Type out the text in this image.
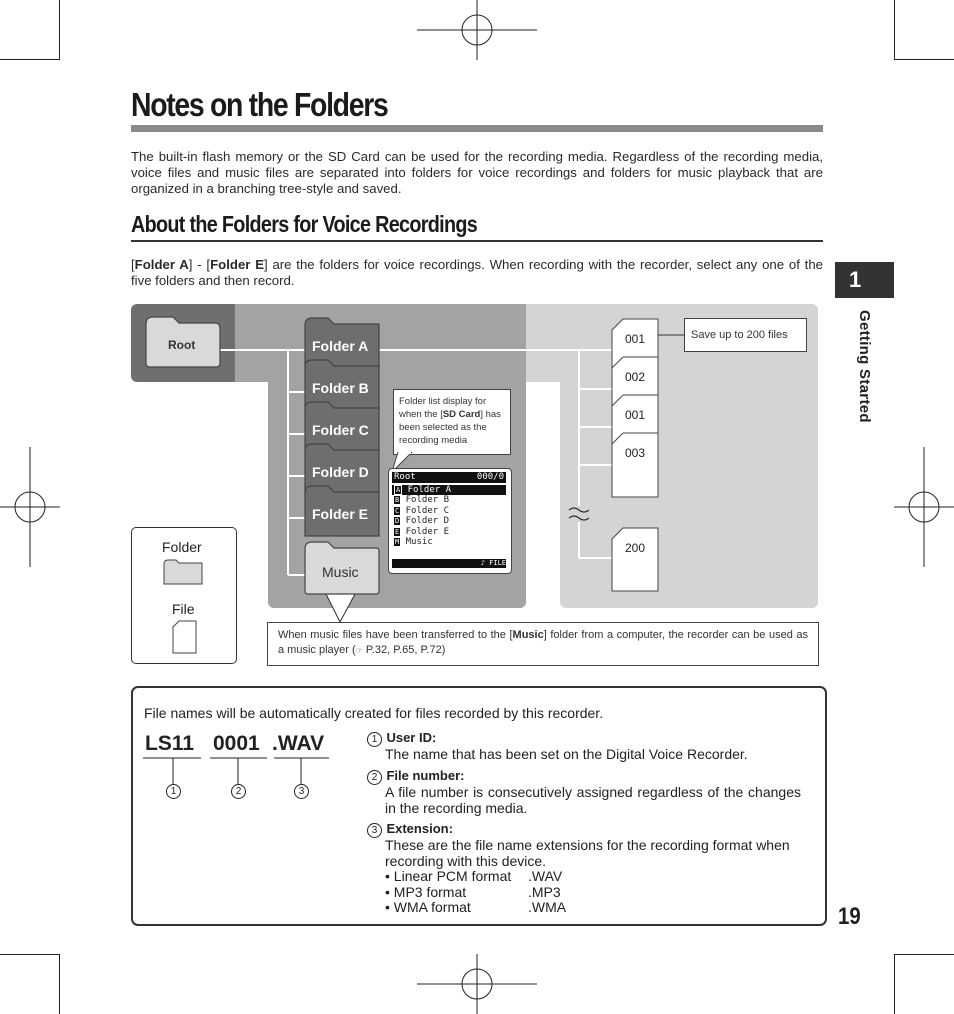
Notes on the Folders
The built-in flash memory or the SD Card can be used for the recording media. Regardless of the recording media, voice files and music files are separated into folders for voice recordings and folders for music playback that are organized in a branching tree-style and saved.
About the Folders for Voice Recordings
[Folder A] - [Folder E] are the folders for voice recordings. When recording with the recorder, select any one of the five folders and then record.	1
Getting Started
19
Root	Folder A
Folder B
Folder C
Folder D
Folder E
Music
001
002
001
003
200
Save up to 200 files
Folder list display for when the [SD Card] has been selected as the recording media
Root	000/0
A Folder A
B Folder B
C Folder C
D Folder D
E Folder E
M Music
♪ FILE
When music files have been transferred to the [Music] folder from a computer, the recorder can be used as a music player (☞ P.32, P.65, P.72)
Folder
File
File names will be automatically created for files recorded by this recorder.
LS11 0001 .WAV
1	2	3
1 User ID:
The name that has been set on the Digital Voice Recorder.
2 File number:
A file number is consecutively assigned regardless of the changes in the recording media.
3 Extension:
These are the file name extensions for the recording format when recording with this device.
• Linear PCM format .WAV
• MP3 format	.MP3
• WMA format	.WMA
